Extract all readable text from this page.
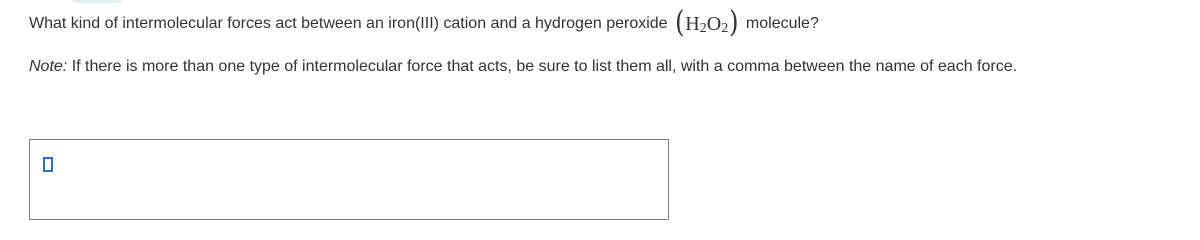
What kind of intermolecular forces act between an iron(III) cation and a hydrogen peroxide ( $H_2$ $O_2$ ) molecule?
Note: If there is more than one type of intermolecular force that acts, be sure to list them all, with a comma between the name of each force.
